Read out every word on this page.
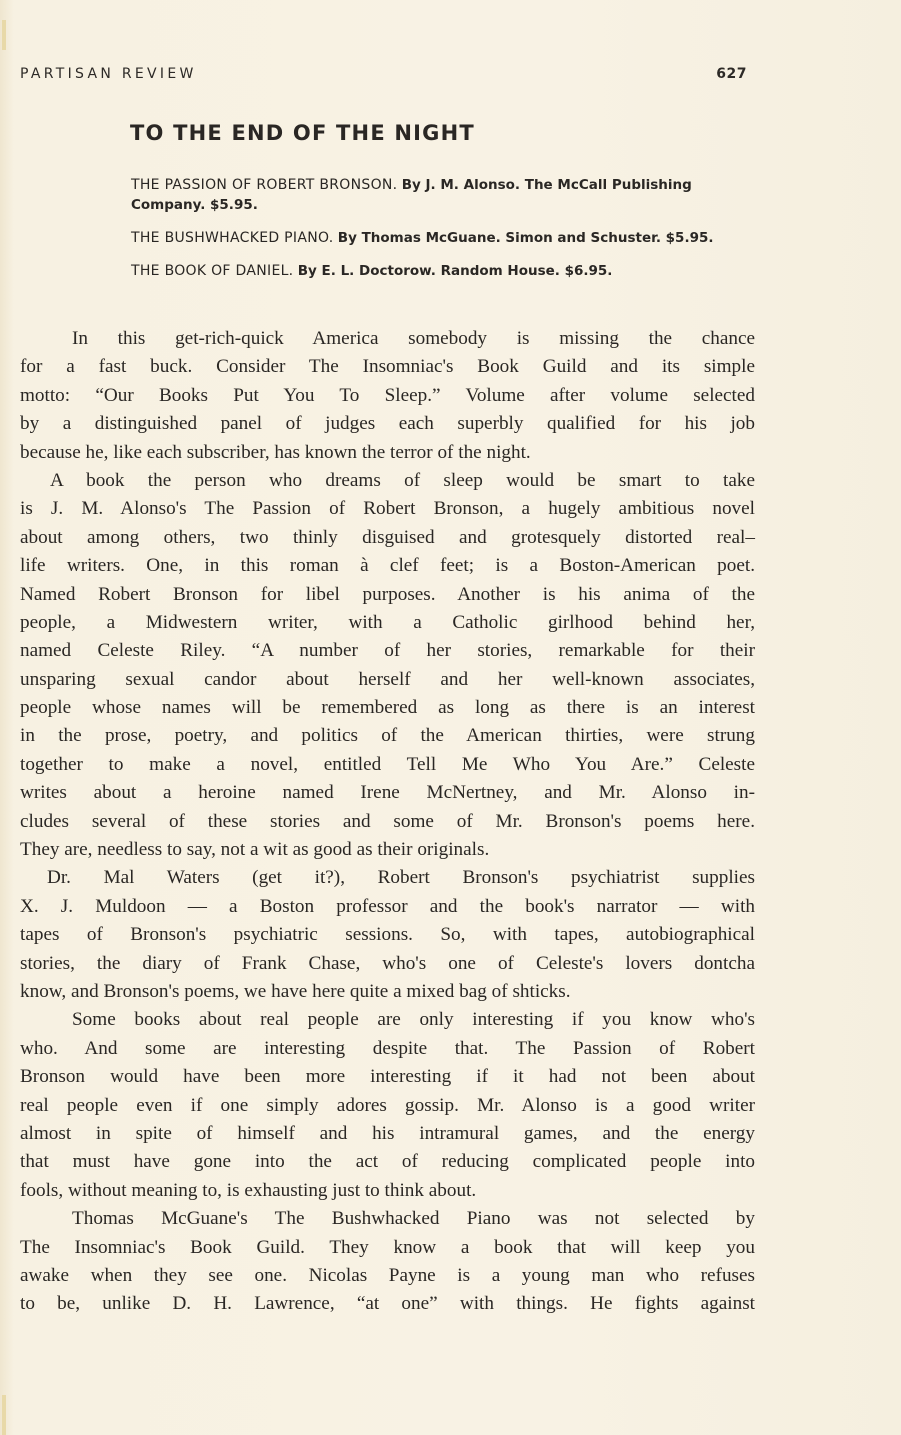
PARTISAN REVIEW	627
TO THE END OF THE NIGHT
THE PASSION OF ROBERT BRONSON. By J. M. Alonso. The McCall Publishing Company. $5.95.
THE BUSHWHACKED PIANO. By Thomas McGuane. Simon and Schuster. $5.95.
THE BOOK OF DANIEL. By E. L. Doctorow. Random House. $6.95.
In this get-rich-quick America somebody is missing the chance
for a fast buck. Consider The Insomniac's Book Guild and its simple
motto: “Our Books Put You To Sleep.” Volume after volume selected
by a distinguished panel of judges each superbly qualified for his job
because he, like each subscriber, has known the terror of the night.
A book the person who dreams of sleep would be smart to take
is J. M. Alonso's The Passion of Robert Bronson, a hugely ambitious novel
about among others, two thinly disguised and grotesquely distorted real–
life writers. One, in this roman à clef feet; is a Boston-American poet.
Named Robert Bronson for libel purposes. Another is his anima of the
people, a Midwestern writer, with a Catholic girlhood behind her,
named Celeste Riley. “A number of her stories, remarkable for their
unsparing sexual candor about herself and her well-known associates,
people whose names will be remembered as long as there is an interest
in the prose, poetry, and politics of the American thirties, were strung
together to make a novel, entitled Tell Me Who You Are.” Celeste
writes about a heroine named Irene McNertney, and Mr. Alonso in-
cludes several of these stories and some of Mr. Bronson's poems here.
They are, needless to say, not a wit as good as their originals.
Dr. Mal Waters (get it?), Robert Bronson's psychiatrist supplies
X. J. Muldoon — a Boston professor and the book's narrator — with
tapes of Bronson's psychiatric sessions. So, with tapes, autobiographical
stories, the diary of Frank Chase, who's one of Celeste's lovers dontcha
know, and Bronson's poems, we have here quite a mixed bag of shticks.
Some books about real people are only interesting if you know who's
who. And some are interesting despite that. The Passion of Robert
Bronson would have been more interesting if it had not been about
real people even if one simply adores gossip. Mr. Alonso is a good writer
almost in spite of himself and his intramural games, and the energy
that must have gone into the act of reducing complicated people into
fools, without meaning to, is exhausting just to think about.
Thomas McGuane's The Bushwhacked Piano was not selected by
The Insomniac's Book Guild. They know a book that will keep you
awake when they see one. Nicolas Payne is a young man who refuses
to be, unlike D. H. Lawrence, “at one” with things. He fights against
